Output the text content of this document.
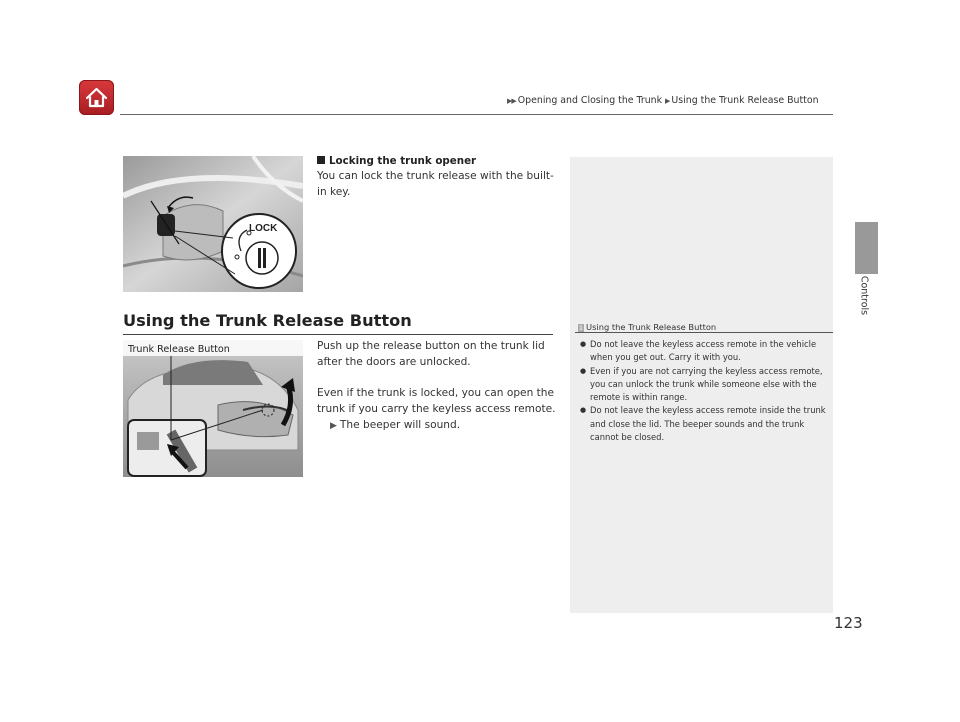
▶▶ Opening and Closing the Trunk ▶ Using the Trunk Release Button
Controls
LOCK
Locking the trunk opener
You can lock the trunk release with the built-in key.
Using the Trunk Release Button
Trunk Release Button	Push up the release button on the trunk lid after the doors are unlocked.

Even if the trunk is locked, you can open the trunk if you carry the keyless access remote.

▶ The beeper will sound.

1 Using the Trunk Release Button
● Do not leave the keyless access remote in the vehicle when you get out. Carry it with you.
● Even if you are not carrying the keyless access remote, you can unlock the trunk while someone else with the remote is within range.
● Do not leave the keyless access remote inside the trunk and close the lid. The beeper sounds and the trunk cannot be closed.
123
